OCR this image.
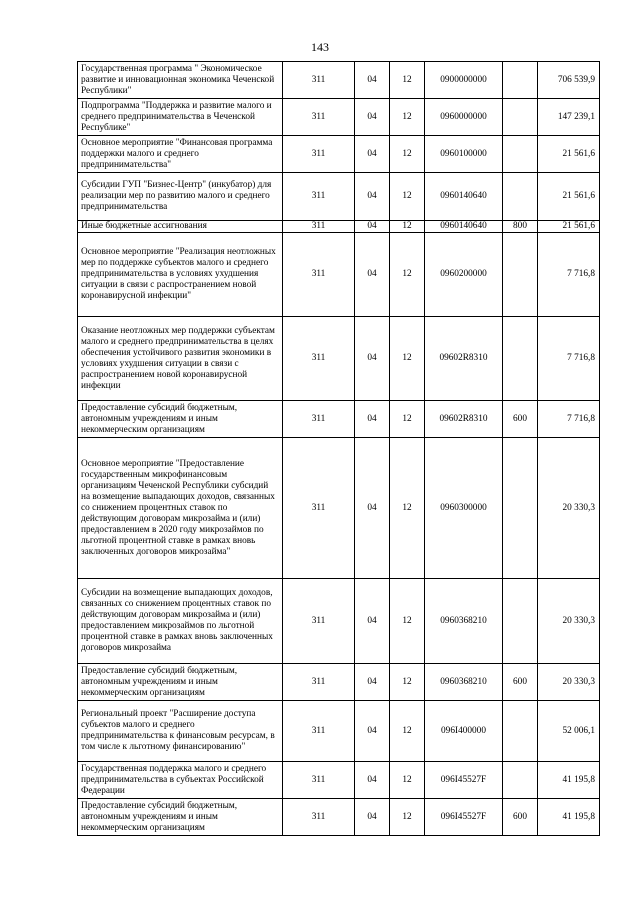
143
Государственная программа " Экономическое развитие и инновационная экономика Чеченской Республики"	311	04	12	0900000000		706 539,9
Подпрограмма "Поддержка и развитие малого и среднего предпринимательства в Чеченской Республике"	311	04	12	0960000000		147 239,1
Основное мероприятие "Финансовая программа поддержки малого и среднего предпринимательства"	311	04	12	0960100000		21 561,6
Субсидии ГУП "Бизнес-Центр" (инкубатор) для реализации мер по развитию малого и среднего предпринимательства	311	04	12	0960140640		21 561,6
Иные бюджетные ассигнования	311	04	12	0960140640	800	21 561,6
Основное мероприятие "Реализация неотложных мер по поддержке субъектов малого и среднего предпринимательства в условиях ухудшения ситуации в связи с распространением новой коронавирусной инфекции"	311	04	12	0960200000		7 716,8
Оказание неотложных мер поддержки субъектам малого и среднего предпринимательства в целях обеспечения устойчивого развития экономики в условиях ухудшения ситуации в связи с распространением новой коронавирусной инфекции	311	04	12	09602R8310		7 716,8
Предоставление субсидий бюджетным, автономным учреждениям и иным некоммерческим организациям	311	04	12	09602R8310	600	7 716,8
Основное мероприятие "Предоставление государственным микрофинансовым организациям Чеченской Республики субсидий на возмещение выпадающих доходов, связанных со снижением процентных ставок по действующим договорам микрозайма и (или) предоставлением в 2020 году микрозаймов по льготной процентной ставке в рамках вновь заключенных договоров микрозайма"	311	04	12	0960300000		20 330,3
Субсидии на возмещение выпадающих доходов, связанных со снижением процентных ставок по действующим договорам микрозайма и (или) предоставлением микрозаймов по льготной процентной ставке в рамках вновь заключенных договоров микрозайма	311	04	12	0960368210		20 330,3
Предоставление субсидий бюджетным, автономным учреждениям и иным некоммерческим организациям	311	04	12	0960368210	600	20 330,3
Региональный проект "Расширение доступа субъектов малого и среднего предпринимательства к финансовым ресурсам, в том числе к льготному финансированию"	311	04	12	096I400000		52 006,1
Государственная поддержка малого и среднего предпринимательства в субъектах Российской Федерации	311	04	12	096I45527F		41 195,8
Предоставление субсидий бюджетным, автономным учреждениям и иным некоммерческим организациям	311	04	12	096I45527F	600	41 195,8
